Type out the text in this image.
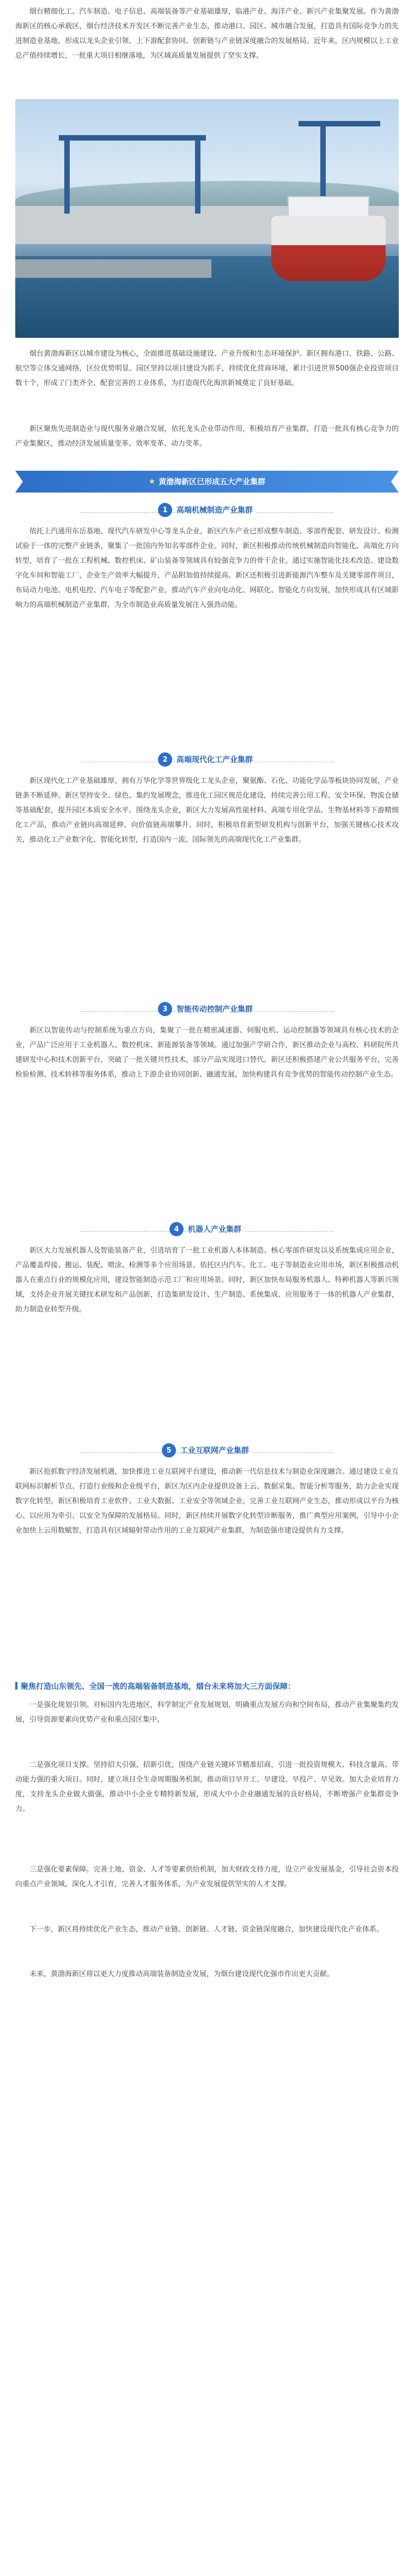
烟台精细化工、汽车制造、电子信息、高端装备等产业基础雄厚，临港产业、海洋产业、新兴产业集聚发展。作为黄渤海新区的核心承载区，烟台经济技术开发区不断完善产业生态，推动港口、园区、城市融合发展，打造具有国际竞争力的先进制造业基地，形成以龙头企业引领、上下游配套协同、创新链与产业链深度融合的发展格局。近年来，区内规模以上工业总产值持续增长，一批重大项目相继落地，为区域高质量发展提供了坚实支撑。

烟台黄渤海新区以城市建设为核心，全面推进基础设施建设、产业升级和生态环境保护。新区拥有港口、铁路、公路、航空等立体交通网络，区位优势明显。园区坚持以项目建设为抓手，持续优化营商环境，累计引进世界500强企业投资项目数十个，形成了门类齐全、配套完善的工业体系，为打造现代化海滨新城奠定了良好基础。

新区聚焦先进制造业与现代服务业融合发展，依托龙头企业带动作用，积极培育产业集群，打造一批具有核心竞争力的产业集聚区，推动经济发展质量变革、效率变革、动力变革。

★ 黄渤海新区已形成五大产业集群
1	高端机械制造产业集群

依托上汽通用东岳基地、现代汽车研发中心等龙头企业，新区汽车产业已形成整车制造、零部件配套、研发设计、检测试验于一体的完整产业链条，聚集了一批国内外知名零部件企业。同时，新区积极推动传统机械制造向智能化、高端化方向转型，培育了一批在工程机械、数控机床、矿山装备等领域具有较强竞争力的骨干企业。通过实施智能化技术改造、建设数字化车间和智能工厂，企业生产效率大幅提升，产品附加值持续提高。新区还积极引进新能源汽车整车及关键零部件项目，布局动力电池、电机电控、汽车电子等配套产业，推动汽车产业向电动化、网联化、智能化方向发展，加快形成具有区域影响力的高端机械制造产业集群，为全市制造业高质量发展注入强劲动能。

2	高端现代化工产业集群

新区现代化工产业基础雄厚，拥有万华化学等世界级化工龙头企业，聚氨酯、石化、功能化学品等板块协同发展，产业链条不断延伸。新区坚持安全、绿色、集约发展理念，推进化工园区规范化建设，持续完善公用工程、安全环保、物流仓储等基础配套，提升园区本质安全水平。围绕龙头企业，新区大力发展高性能材料、高端专用化学品、生物基材料等下游精细化工产品，推动产业链向高端延伸、向价值链高端攀升。同时，积极培育新型研发机构与创新平台，加强关键核心技术攻关，推动化工产业数字化、智能化转型，打造国内一流、国际领先的高端现代化工产业集群。

3	智能传动控制产业集群

新区以智能传动与控制系统为重点方向，集聚了一批在精密减速器、伺服电机、运动控制器等领域具有核心技术的企业，产品广泛应用于工业机器人、数控机床、新能源装备等领域。通过加强产学研合作，新区推动企业与高校、科研院所共建研发中心和技术创新平台，突破了一批关键共性技术，部分产品实现进口替代。新区还积极搭建产业公共服务平台，完善检验检测、技术转移等服务体系，推动上下游企业协同创新、融通发展，加快构建具有竞争优势的智能传动控制产业生态。

4	机器人产业集群

新区大力发展机器人及智能装备产业，引进培育了一批工业机器人本体制造、核心零部件研发以及系统集成应用企业，产品覆盖焊接、搬运、装配、喷涂、检测等多个应用场景。依托区内汽车、化工、电子等制造业应用市场，新区积极推动机器人在重点行业的规模化应用，建设智能制造示范工厂和应用场景。同时，新区加快布局服务机器人、特种机器人等新兴领域，支持企业开展关键技术研发和产品创新，打造集研发设计、生产制造、系统集成、应用服务于一体的机器人产业集群，助力制造业转型升级。

5	工业互联网产业集群

新区抢抓数字经济发展机遇，加快推进工业互联网平台建设，推动新一代信息技术与制造业深度融合。通过建设工业互联网标识解析节点、打造行业级和企业级平台，新区为区内企业提供设备上云、数据采集、智能分析等服务，助力企业实现数字化转型。新区积极培育工业软件、工业大数据、工业安全等领域企业，完善工业互联网产业生态，推动形成以平台为核心、以应用为牵引、以安全为保障的发展格局。同时，新区持续开展数字化转型诊断服务，推广典型应用案例，引导中小企业加快上云用数赋智，打造具有区域辐射带动作用的工业互联网产业集群，为制造强市建设提供有力支撑。

聚焦打造山东领先、全国一流的高端装备制造基地，烟台未来将加大三方面保障：

一是强化规划引领。对标国内先进地区，科学制定产业发展规划，明确重点发展方向和空间布局，推动产业集聚集约发展，引导资源要素向优势产业和重点园区集中。

二是强化项目支撑。坚持招大引强、招新引优，围绕产业链关键环节精准招商，引进一批投资规模大、科技含量高、带动能力强的重大项目。同时，建立项目全生命周期服务机制，推动项目早开工、早建设、早投产、早见效。加大企业培育力度，支持龙头企业做大做强，推动中小企业专精特新发展，形成大中小企业融通发展的良好格局，不断增强产业集群竞争力。

三是强化要素保障。完善土地、资金、人才等要素供给机制，加大财政支持力度，设立产业发展基金，引导社会资本投向重点产业领域。深化人才引育，完善人才服务体系，为产业发展提供坚实的人才支撑。

下一步，新区将持续优化产业生态，推动产业链、创新链、人才链、资金链深度融合，加快建设现代化产业体系。

未来，黄渤海新区将以更大力度推动高端装备制造业发展，为烟台建设现代化强市作出更大贡献。
